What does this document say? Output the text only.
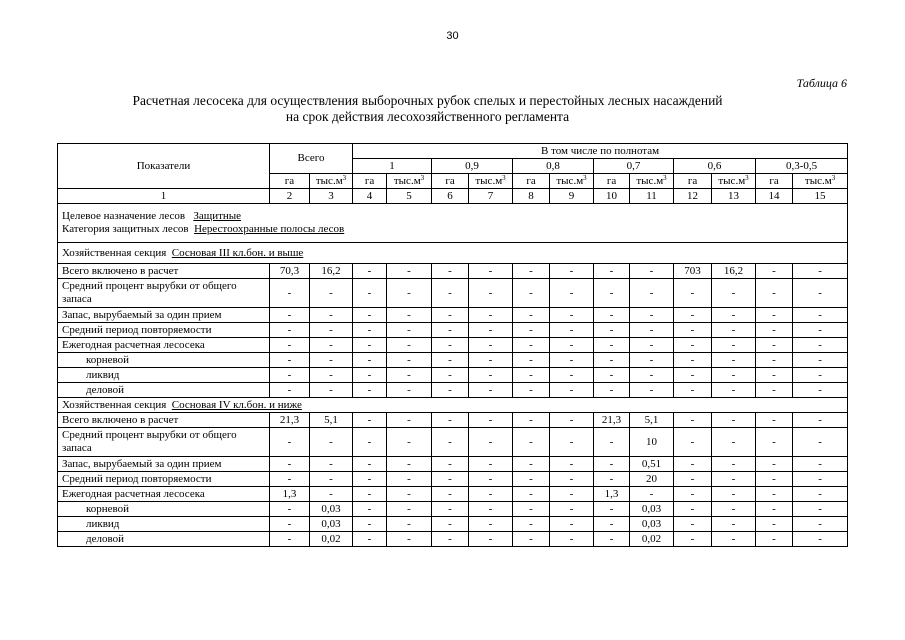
30
Таблица 6
Расчетная лесосека для осуществления выборочных рубок спелых и перестойных лесных насаждений
на срок действия лесохозяйственного регламента
Показатели	Всего		В том числе по полнотам											
			1		0,9		0,8		0,7		0,6		0,3-0,5	
	га	$тыс.м^3$	га	$тыс.м^3$	га	$тыс.м^3$	га	$тыс.м^3$	га	$тыс.м^3$	га	$тыс.м^3$	га	$тыс.м^3$
1	2	3	4	5	6	7	8	9	10	11	12	13	14	15

Целевое назначение лесов Защитные
Категория защитных лесов Нерестоохранные полосы лесов														

Хозяйственная секция Сосновая III кл.бон. и выше														
Всего включено в расчет	70,3	16,2	-	-	-	-	-	-	-	-	703	16,2	-	-
Средний процент вырубки от общего запаса	-	-	-	-	-	-	-	-	-	-	-	-	-	-
Запас, вырубаемый за один прием	-	-	-	-	-	-	-	-	-	-	-	-	-	-
Средний период повторяемости	-	-	-	-	-	-	-	-	-	-	-	-	-	-
Ежегодная расчетная лесосека	-	-	-	-	-	-	-	-	-	-	-	-	-	-
корневой	-	-	-	-	-	-	-	-	-	-	-	-	-	-
ликвид	-	-	-	-	-	-	-	-	-	-	-	-	-	-
деловой	-	-	-	-	-	-	-	-	-	-	-	-	-	-
Хозяйственная секция Сосновая IV кл.бон. и ниже														
Всего включено в расчет	21,3	5,1	-	-	-	-	-	-	21,3	5,1	-	-	-	-
Средний процент вырубки от общего запаса	-	-	-	-	-	-	-	-	-	10	-	-	-	-
Запас, вырубаемый за один прием	-	-	-	-	-	-	-	-	-	0,51	-	-	-	-
Средний период повторяемости	-	-	-	-	-	-	-	-	-	20	-	-	-	-
Ежегодная расчетная лесосека	1,3	-	-	-	-	-	-	-	1,3	-	-	-	-	-
корневой	-	0,03	-	-	-	-	-	-	-	0,03	-	-	-	-
ликвид	-	0,03	-	-	-	-	-	-	-	0,03	-	-	-	-
деловой	-	0,02	-	-	-	-	-	-	-	0,02	-	-	-	-
